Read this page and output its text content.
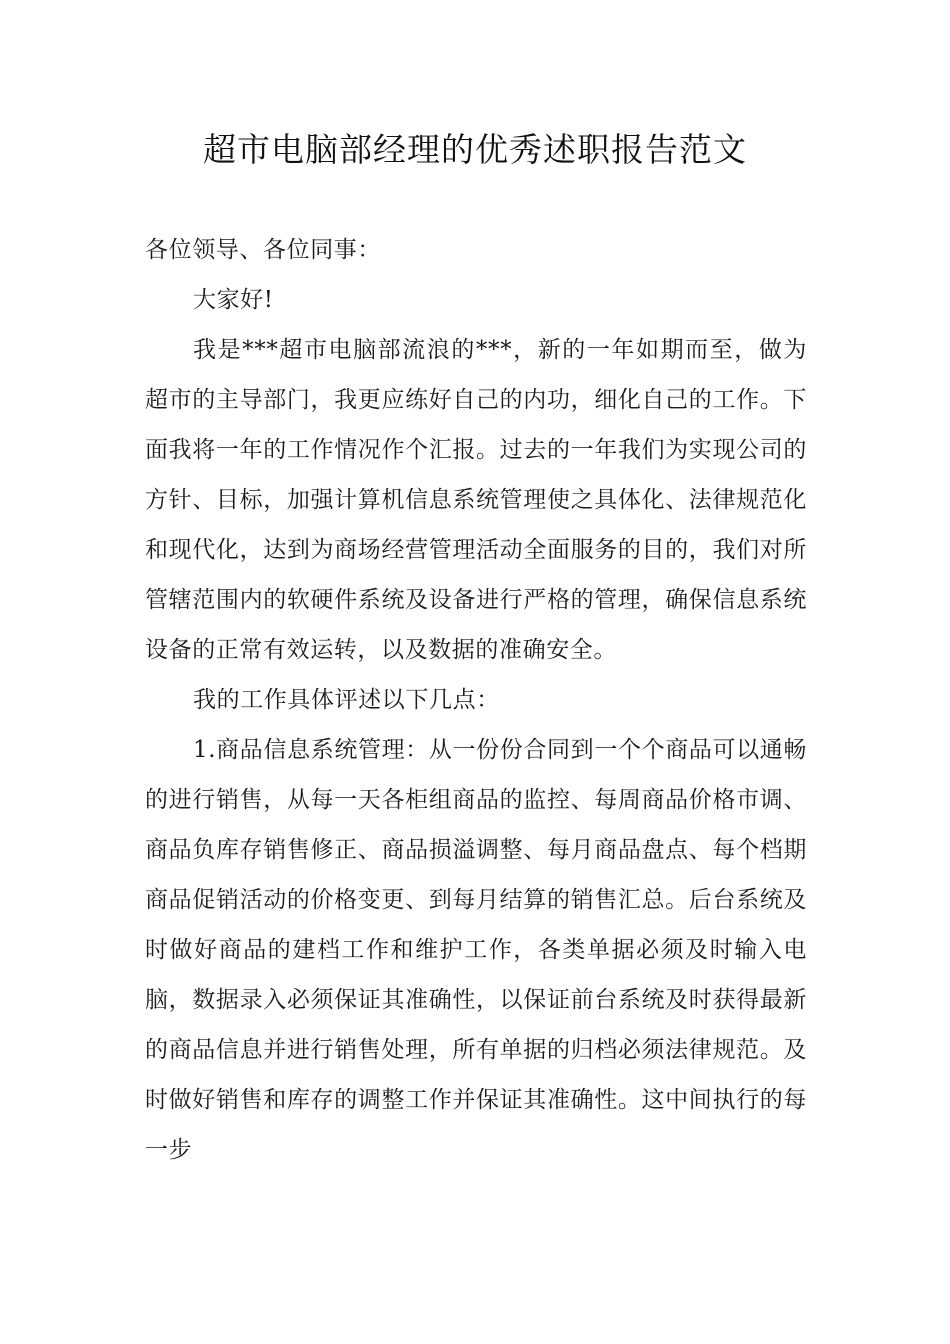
超市电脑部经理的优秀述职报告范文

各位领导、各位同事：

大家好!

我是***超市电脑部流浪的***，新的一年如期而至，做为超市的主导部门，我更应练好自己的内功，细化自己的工作。下面我将一年的工作情况作个汇报。过去的一年我们为实现公司的方针、目标，加强计算机信息系统管理使之具体化、法律规范化和现代化，达到为商场经营管理活动全面服务的目的，我们对所管辖范围内的软硬件系统及设备进行严格的管理，确保信息系统设备的正常有效运转，以及数据的准确安全。

我的工作具体评述以下几点：

1.商品信息系统管理：从一份份合同到一个个商品可以通畅的进行销售，从每一天各柜组商品的监控、每周商品价格市调、商品负库存销售修正、商品损溢调整、每月商品盘点、每个档期商品促销活动的价格变更、到每月结算的销售汇总。后台系统及时做好商品的建档工作和维护工作，各类单据必须及时输入电脑，数据录入必须保证其准确性，以保证前台系统及时获得最新的商品信息并进行销售处理，所有单据的归档必须法律规范。及时做好销售和库存的调整工作并保证其准确性。这中间执行的每一步
